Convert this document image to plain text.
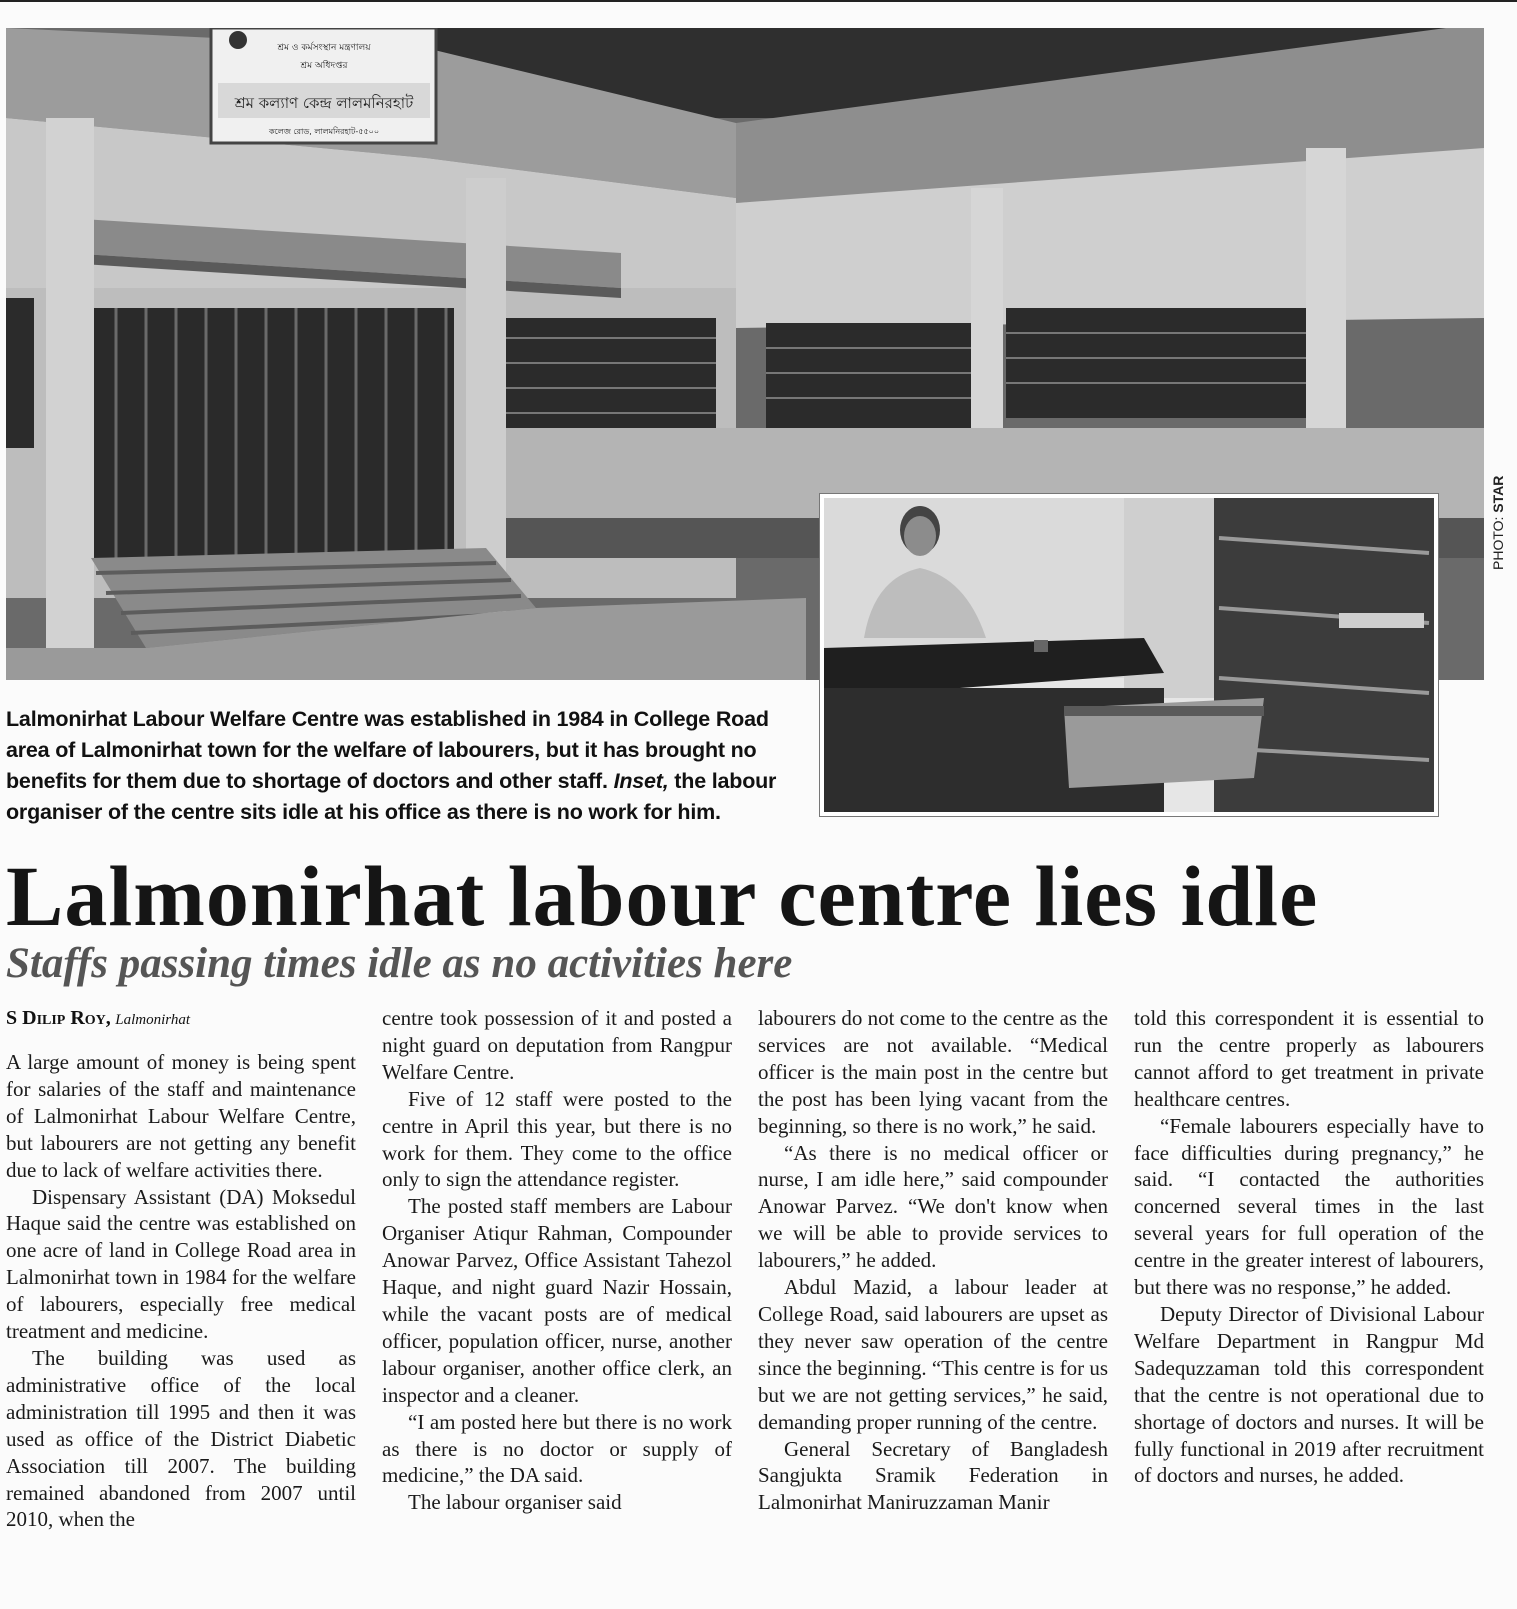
শ্রম ও কর্মসংস্থান মন্ত্রণালয়
শ্রম অধিদপ্তর
শ্রম কল্যাণ কেন্দ্র লালমনিরহাট
কলেজ রোড, লালমনিরহাট-৫৫০০
PHOTO: STAR
Lalmonirhat Labour Welfare Centre was established in 1984 in College Road area of Lalmonirhat town for the welfare of labourers, but it has brought no benefits for them due to shortage of doctors and other staff. Inset, the labour organiser of the centre sits idle at his office as there is no work for him.
Lalmonirhat labour centre lies idle
Staffs passing times idle as no activities here
S Dilip Roy, Lalmonirhat

A large amount of money is being spent for salaries of the staff and maintenance of Lalmonirhat Labour Welfare Centre, but labourers are not getting any benefit due to lack of welfare activities there.

Dispensary Assistant (DA) Moksedul Haque said the centre was established on one acre of land in College Road area in Lalmonirhat town in 1984 for the welfare of labourers, especially free medical treatment and medicine.

The building was used as administrative office of the local administration till 1995 and then it was used as office of the District Diabetic Association till 2007. The building remained abandoned from 2007 until 2010, when the

centre took possession of it and posted a night guard on deputation from Rangpur Welfare Centre.

Five of 12 staff were posted to the centre in April this year, but there is no work for them. They come to the office only to sign the attendance register.

The posted staff members are Labour Organiser Atiqur Rahman, Compounder Anowar Parvez, Office Assistant Tahezol Haque, and night guard Nazir Hossain, while the vacant posts are of medical officer, population officer, nurse, another labour organiser, another office clerk, an inspector and a cleaner.

“I am posted here but there is no work as there is no doctor or supply of medicine,” the DA said.

The labour organiser said

labourers do not come to the centre as the services are not available. “Medical officer is the main post in the centre but the post has been lying vacant from the beginning, so there is no work,” he said.

“As there is no medical officer or nurse, I am idle here,” said compounder Anowar Parvez. “We don't know when we will be able to provide services to labourers,” he added.

Abdul Mazid, a labour leader at College Road, said labourers are upset as they never saw operation of the centre since the beginning. “This centre is for us but we are not getting services,” he said, demanding proper running of the centre.

General Secretary of Bangladesh Sangjukta Sramik Federation in Lalmonirhat Maniruzzaman Manir

told this correspondent it is essential to run the centre properly as labourers cannot afford to get treatment in private healthcare centres.

“Female labourers especially have to face difficulties during pregnancy,” he said. “I contacted the authorities concerned several times in the last several years for full operation of the centre in the greater interest of labourers, but there was no response,” he added.

Deputy Director of Divisional Labour Welfare Department in Rangpur Md Sadequzzaman told this correspondent that the centre is not operational due to shortage of doctors and nurses. It will be fully functional in 2019 after recruitment of doctors and nurses, he added.
